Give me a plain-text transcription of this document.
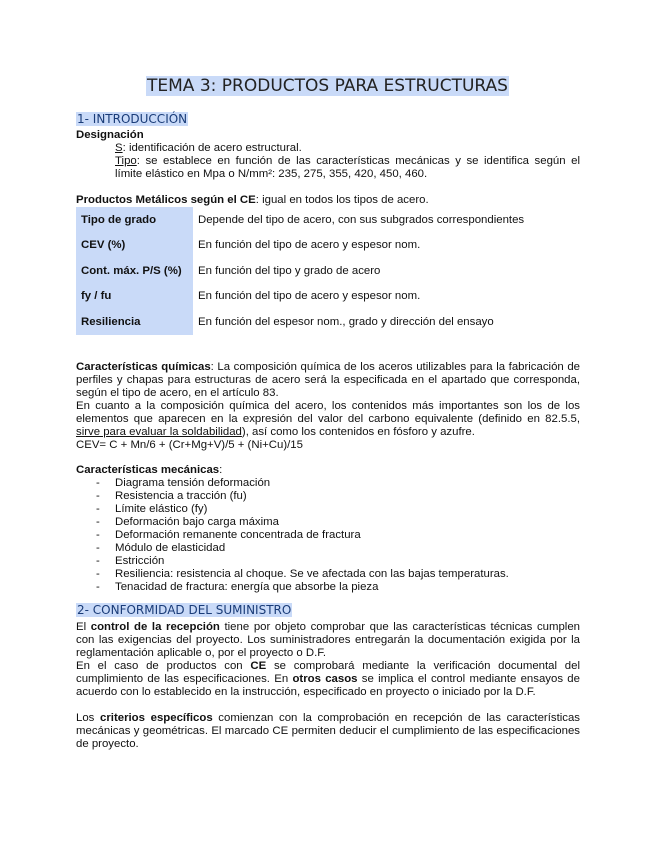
TEMA 3: PRODUCTOS PARA ESTRUCTURAS
1- INTRODUCCIÓN
Designación
S: identificación de acero estructural.
Tipo: se establece en función de las características mecánicas y se identifica según el
límite elástico en Mpa o N/mm²: 235, 275, 355, 420, 450, 460.
Productos Metálicos según el CE: igual en todos los tipos de acero.
Tipo de grado	Depende del tipo de acero, con sus subgrados correspondientes
CEV (%)	En función del tipo de acero y espesor nom.
Cont. máx. P/S (%)	En función del tipo y grado de acero
fy / fu	En función del tipo de acero y espesor nom.
Resiliencia	En función del espesor nom., grado y dirección del ensayo
Características químicas: La composición química de los aceros utilizables para la fabricación de perfiles y chapas para estructuras de acero será la especificada en el apartado que corresponda, según el tipo de acero, en el artículo 83.
En cuanto a la composición química del acero, los contenidos más importantes son los de los elementos que aparecen en la expresión del valor del carbono equivalente (definido en 82.5.5, sirve para evaluar la soldabilidad), así como los contenidos en fósforo y azufre.
CEV= C + Mn/6 + (Cr+Mg+V)/5 + (Ni+Cu)/15
Características mecánicas:
- Diagrama tensión deformación
- Resistencia a tracción (fu)
- Límite elástico (fy)
- Deformación bajo carga máxima
- Deformación remanente concentrada de fractura
- Módulo de elasticidad
- Estricción
- Resiliencia: resistencia al choque. Se ve afectada con las bajas temperaturas.
- Tenacidad de fractura: energía que absorbe la pieza
2- CONFORMIDAD DEL SUMINISTRO
El control de la recepción tiene por objeto comprobar que las características técnicas cumplen con las exigencias del proyecto. Los suministradores entregarán la documentación exigida por la reglamentación aplicable o, por el proyecto o D.F.
En el caso de productos con CE se comprobará mediante la verificación documental del cumplimiento de las especificaciones. En otros casos se implica el control mediante ensayos de acuerdo con lo establecido en la instrucción, especificado en proyecto o iniciado por la D.F.
Los criterios específicos comienzan con la comprobación en recepción de las características mecánicas y geométricas. El marcado CE permiten deducir el cumplimiento de las especificaciones de proyecto.
